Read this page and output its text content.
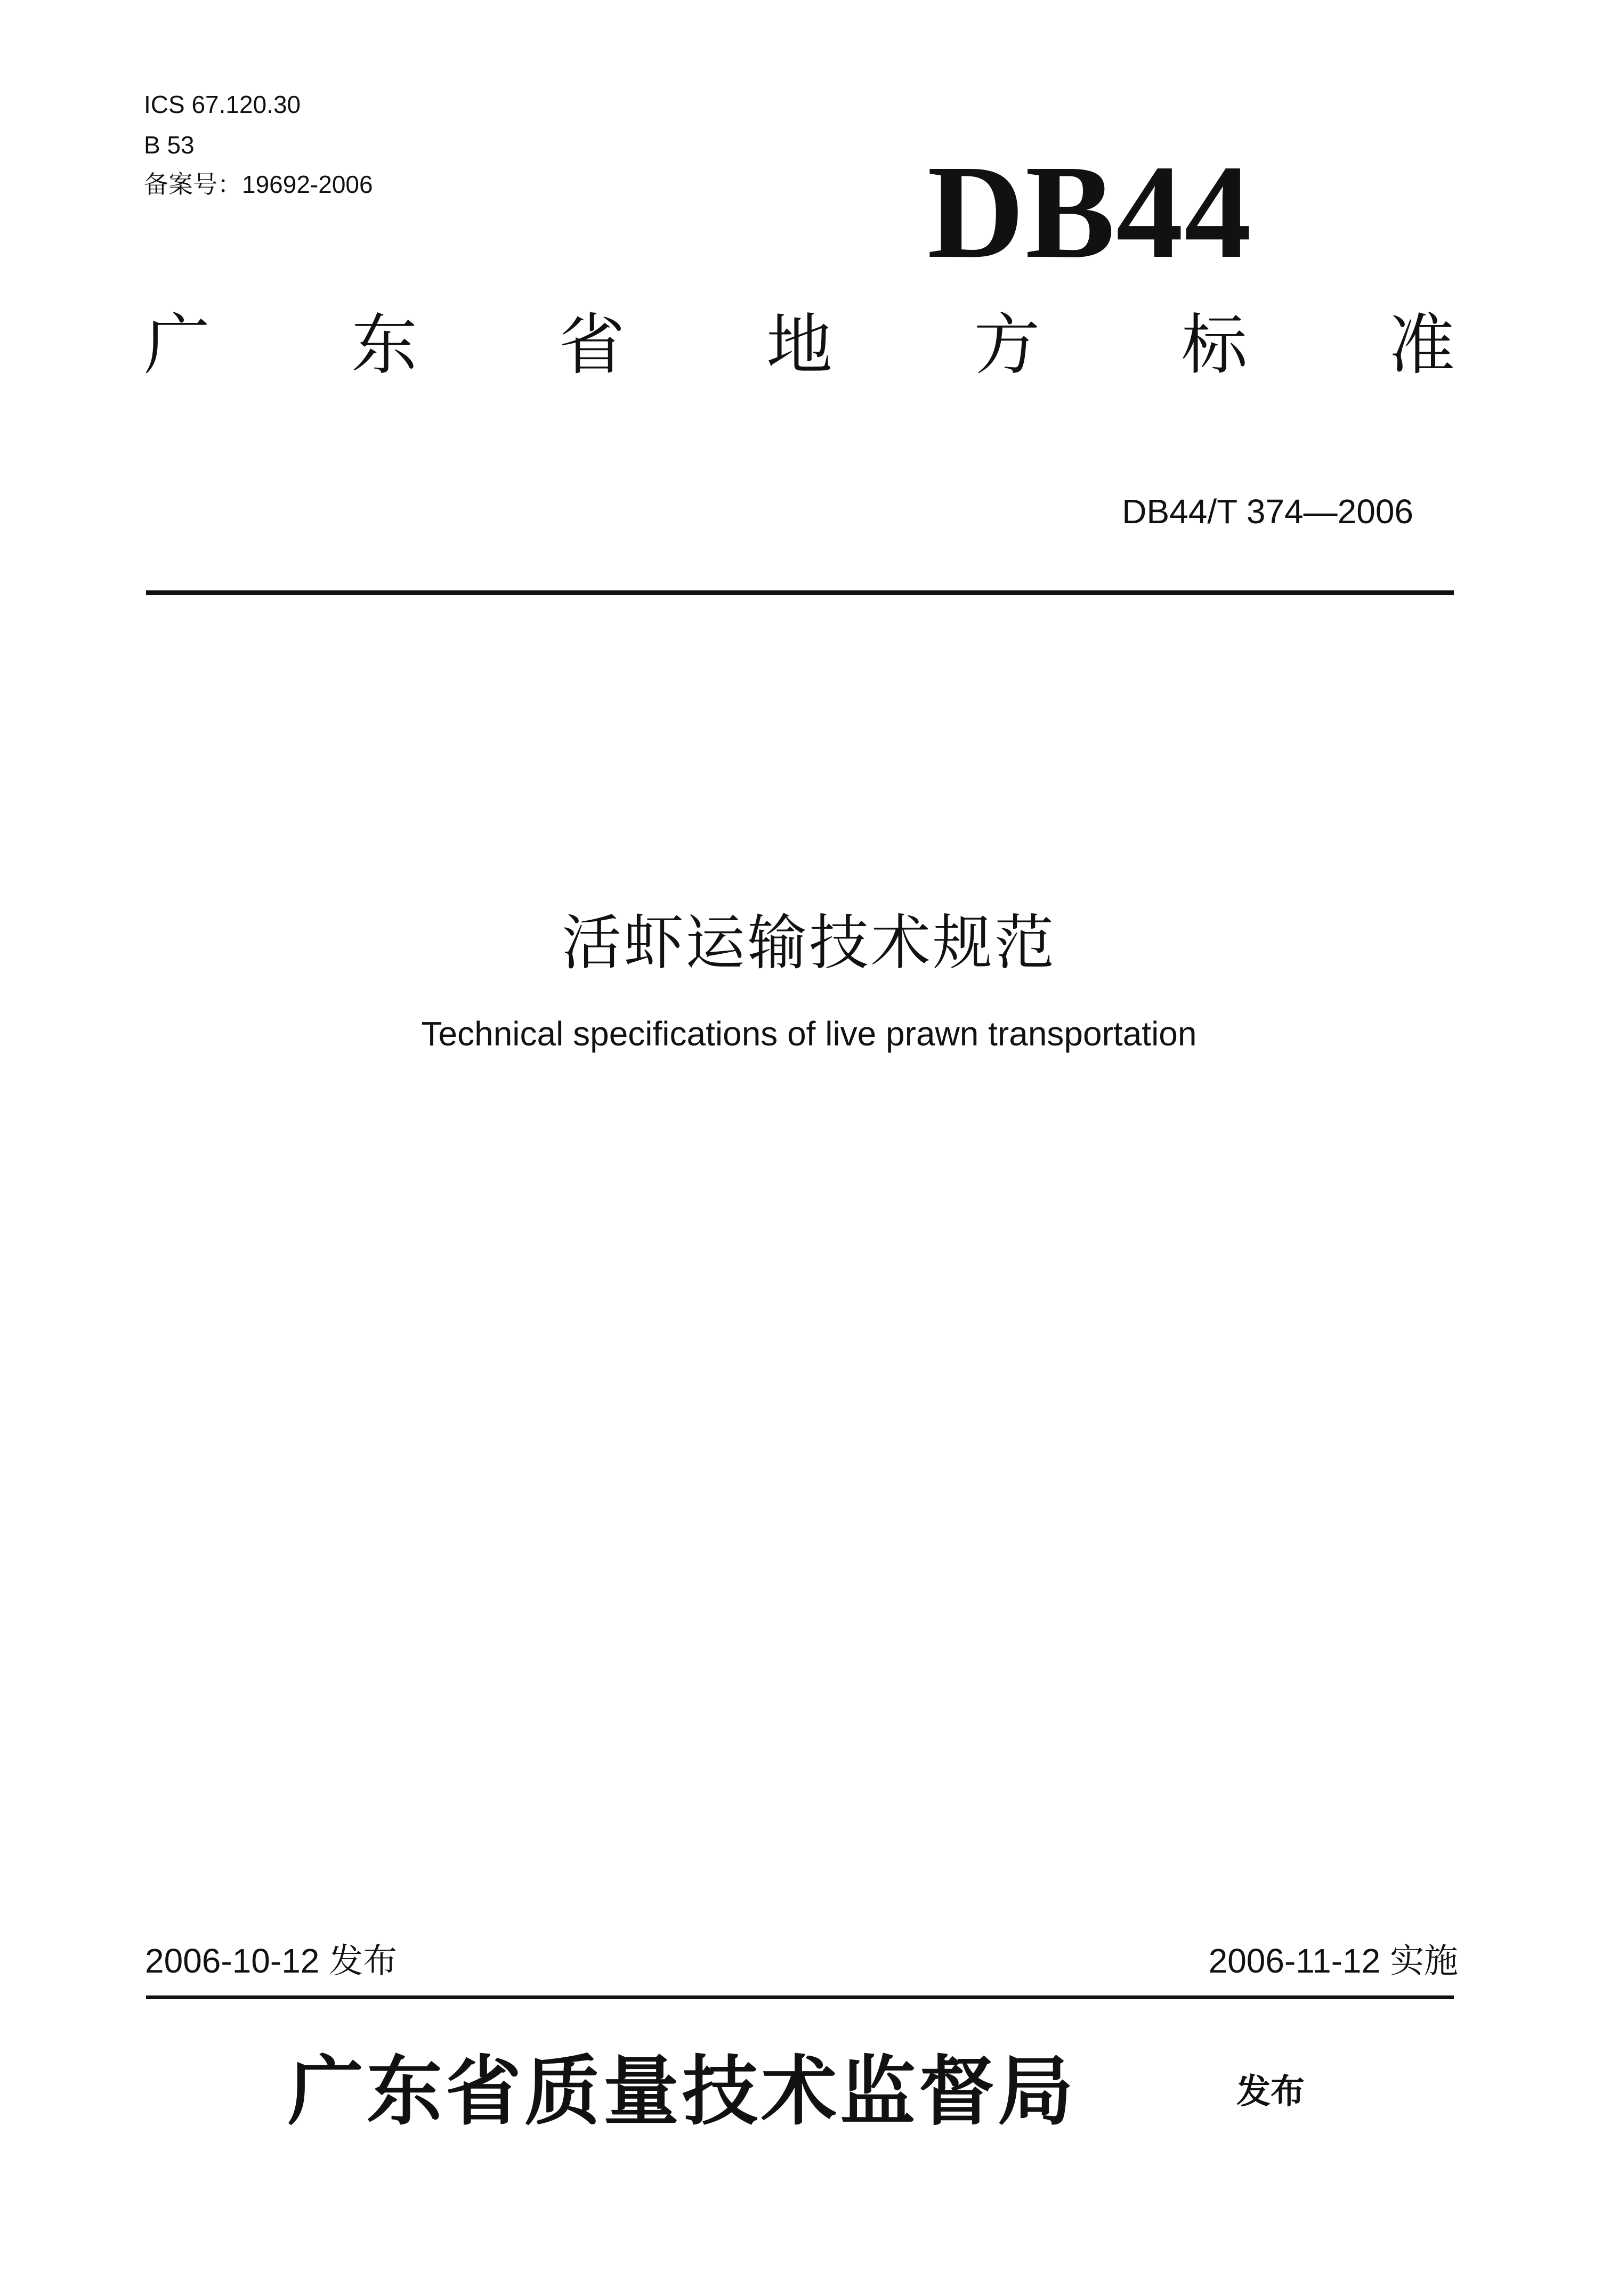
ICS 67.120.30
B 53
备案号：19692-2006	DB44
广 东 省 地 方 标 准
DB44/T 374—2006
活虾运输技术规范
Technical specifications of live prawn transportation
2006-10-12 发布	2006-11-12 实施
广东省质量技术监督局	发布
